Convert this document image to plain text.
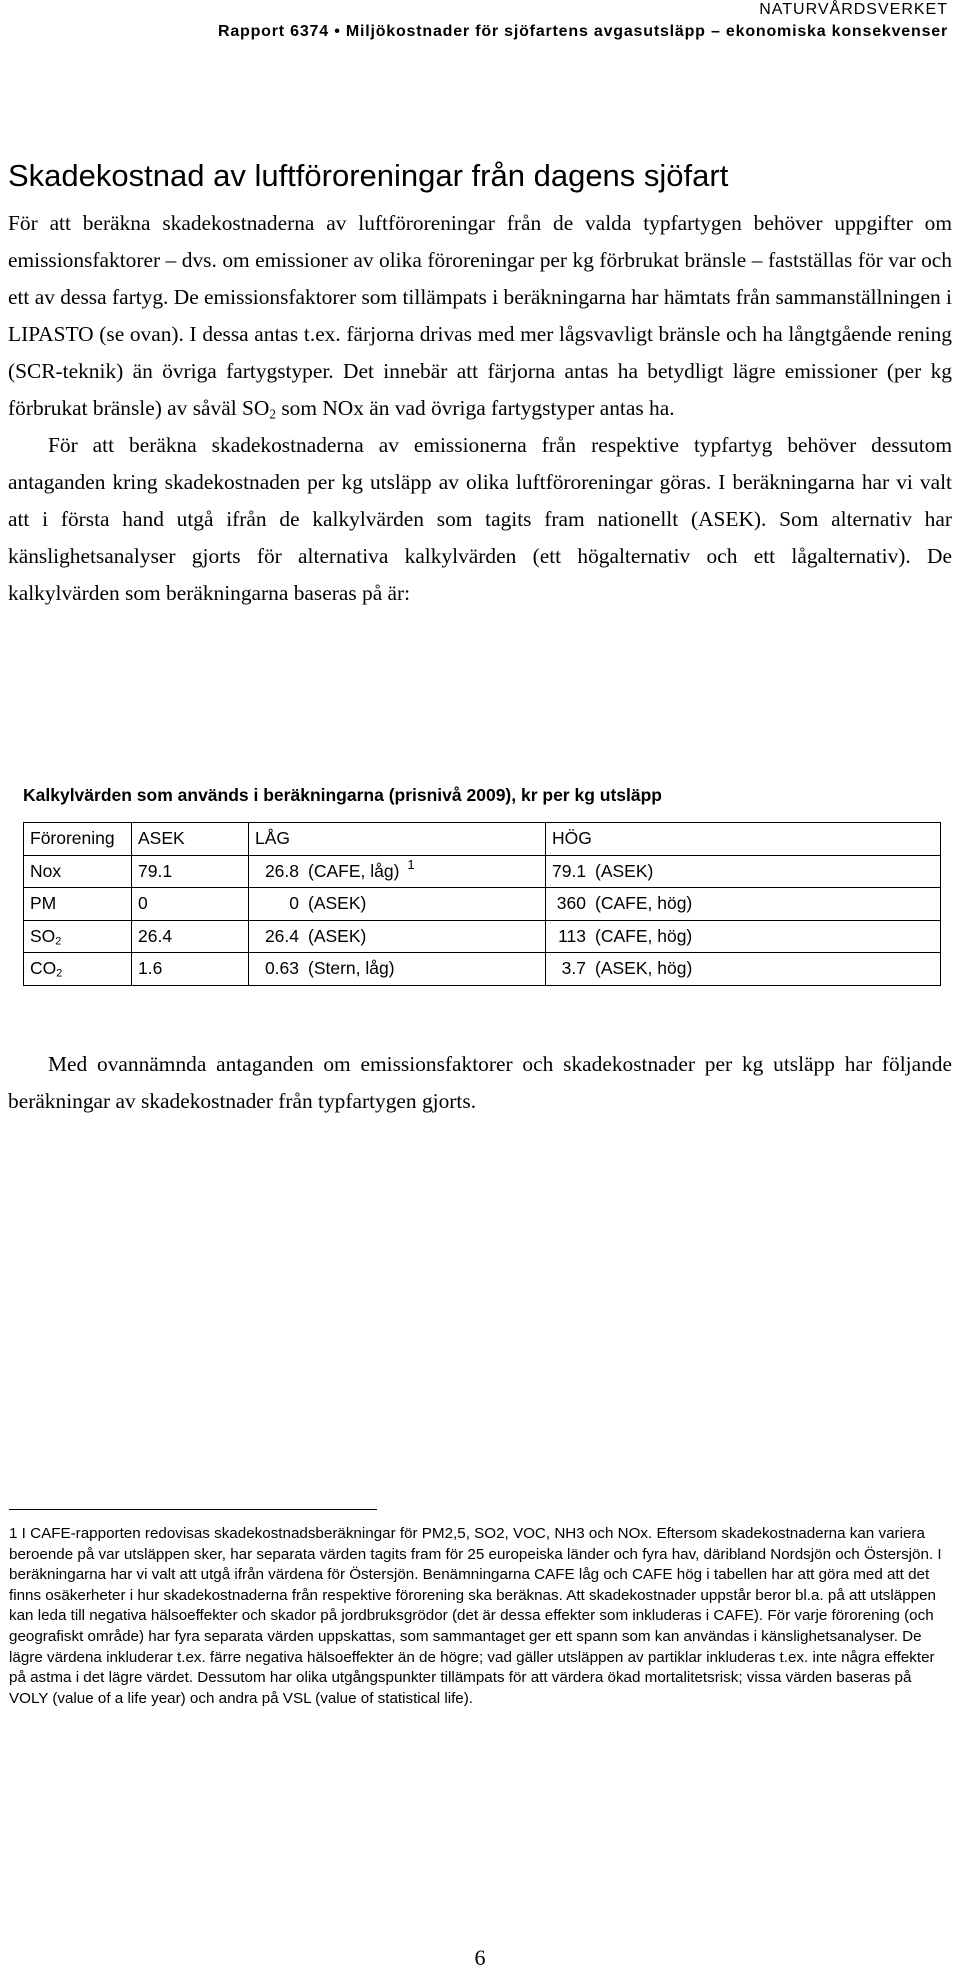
NATURVÅRDSVERKET
Rapport 6374 • Miljökostnader för sjöfartens avgasutsläpp – ekonomiska konsekvenser
Skadekostnad av luftföroreningar från dagens sjöfart

För att beräkna skadekostnaderna av luftföroreningar från de valda typfartygen behöver uppgifter om emissionsfaktorer – dvs. om emissioner av olika föroreningar per kg förbrukat bränsle – fastställas för var och ett av dessa fartyg. De emissionsfaktorer som tillämpats i beräkningarna har hämtats från sammanställningen i LIPASTO (se ovan). I dessa antas t.ex. färjorna drivas med mer lågsvavligt bränsle och ha långtgående rening (SCR-teknik) än övriga fartygstyper. Det innebär att färjorna antas ha betydligt lägre emissioner (per kg förbrukat bränsle) av såväl $SO_2$ som NOx än vad övriga fartygstyper antas ha.

För att beräkna skadekostnaderna av emissionerna från respektive typfartyg behöver dessutom antaganden kring skadekostnaden per kg utsläpp av olika luftföroreningar göras. I beräkningarna har vi valt att i första hand utgå ifrån de kalkylvärden som tagits fram nationellt (ASEK). Som alternativ har känslighetsanalyser gjorts för alternativa kalkylvärden (ett högalternativ och ett lågalternativ). De kalkylvärden som beräkningarna baseras på är:

Kalkylvärden som används i beräkningarna (prisnivå 2009), kr per kg utsläpp
Förorening	ASEK	LÅG	HÖG
Nox	79.1	26.8 (CAFE, låg) $^1$	79.1 (ASEK)
PM	0	0 (ASEK)	360 (CAFE, hög)
$SO_2$	26.4	26.4 (ASEK)	113 (CAFE, hög)
$CO_2$	1.6	0.63 (Stern, låg)	3.7 (ASEK, hög)

Med ovannämnda antaganden om emissionsfaktorer och skadekostnader per kg utsläpp har följande beräkningar av skadekostnader från typfartygen gjorts.

1 I CAFE-rapporten redovisas skadekostnadsberäkningar för PM2,5, SO2, VOC, NH3 och NOx. Eftersom skadekostnaderna kan variera beroende på var utsläppen sker, har separata värden tagits fram för 25 europeiska länder och fyra hav, däribland Nordsjön och Östersjön. I beräkningarna har vi valt att utgå ifrån värdena för Östersjön. Benämningarna CAFE låg och CAFE hög i tabellen har att göra med att det finns osäkerheter i hur skadekostnaderna från respektive förorening ska beräknas. Att skadekostnader uppstår beror bl.a. på att utsläppen kan leda till negativa hälsoeffekter och skador på jordbruksgrödor (det är dessa effekter som inkluderas i CAFE). För varje förorening (och geografiskt område) har fyra separata värden uppskattas, som sammantaget ger ett spann som kan användas i känslighetsanalyser. De lägre värdena inkluderar t.ex. färre negativa hälsoeffekter än de högre; vad gäller utsläppen av partiklar inkluderas t.ex. inte några effekter på astma i det lägre värdet. Dessutom har olika utgångspunkter tillämpats för att värdera ökad mortalitetsrisk; vissa värden baseras på VOLY (value of a life year) och andra på VSL (value of statistical life).
6
